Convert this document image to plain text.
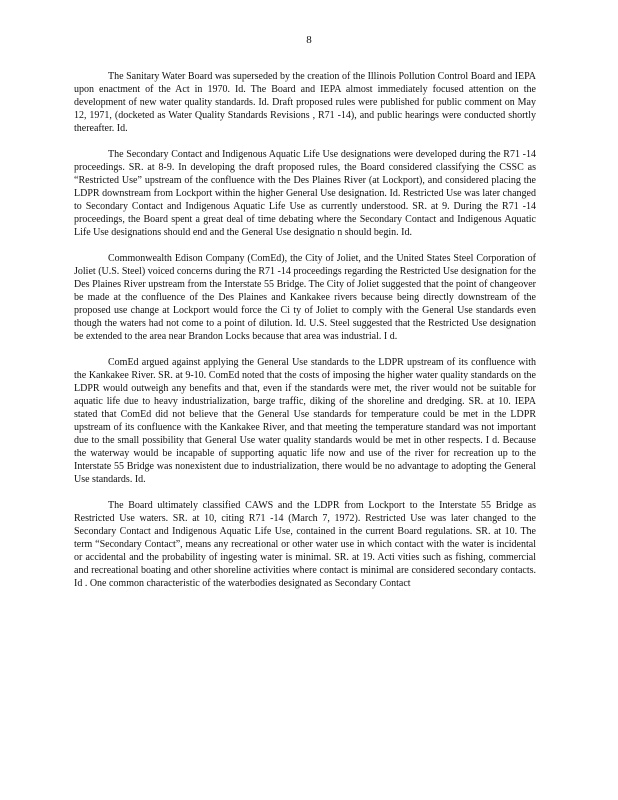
8

The Sanitary Water Board was superseded by the creation of the Illinois Pollution Control Board and IEPA upon enactment of the Act in 1970. Id. The Board and IEPA almost immediately focused attention on the development of new water quality standards. Id. Draft proposed rules were published for public comment on May 12, 1971, (docketed as Water Quality Standards Revisions , R71 -14), and public hearings were conducted shortly thereafter. Id.

The Secondary Contact and Indigenous Aquatic Life Use designations were developed during the R71 -14 proceedings. SR. at 8-9. In developing the draft proposed rules, the Board considered classifying the CSSC as “Restricted Use” upstream of the confluence with the Des Plaines River (at Lockport), and considered placing the LDPR downstream from Lockport within the higher General Use designation. Id. Restricted Use was later changed to Secondary Contact and Indigenous Aquatic Life Use as currently understood. SR. at 9. During the R71 -14 proceedings, the Board spent a great deal of time debating where the Secondary Contact and Indigenous Aquatic Life Use designations should end and the General Use designatio n should begin. Id.

Commonwealth Edison Company (ComEd), the City of Joliet, and the United States Steel Corporation of Joliet (U.S. Steel) voiced concerns during the R71 -14 proceedings regarding the Restricted Use designation for the Des Plaines River upstream from the Interstate 55 Bridge. The City of Joliet suggested that the point of changeover be made at the confluence of the Des Plaines and Kankakee rivers because being directly downstream of the proposed use change at Lockport would force the Ci ty of Joliet to comply with the General Use standards even though the waters had not come to a point of dilution. Id. U.S. Steel suggested that the Restricted Use designation be extended to the area near Brandon Locks because that area was industrial. I d.

ComEd argued against applying the General Use standards to the LDPR upstream of its confluence with the Kankakee River. SR. at 9-10. ComEd noted that the costs of imposing the higher water quality standards on the LDPR would outweigh any benefits and that, even if the standards were met, the river would not be suitable for aquatic life due to heavy industrialization, barge traffic, diking of the shoreline and dredging. SR. at 10. IEPA stated that ComEd did not believe that the General Use standards for temperature could be met in the LDPR upstream of its confluence with the Kankakee River, and that meeting the temperature standard was not important due to the small possibility that General Use water quality standards would be met in other respects. I d. Because the waterway would be incapable of supporting aquatic life now and use of the river for recreation up to the Interstate 55 Bridge was nonexistent due to industrialization, there would be no advantage to adopting the General Use standards. Id.

The Board ultimately classified CAWS and the LDPR from Lockport to the Interstate 55 Bridge as Restricted Use waters. SR. at 10, citing R71 -14 (March 7, 1972). Restricted Use was later changed to the Secondary Contact and Indigenous Aquatic Life Use, contained in the current Board regulations. SR. at 10. The term “Secondary Contact”, means any recreational or other water use in which contact with the water is incidental or accidental and the probability of ingesting water is minimal. SR. at 19. Acti vities such as fishing, commercial and recreational boating and other shoreline activities where contact is minimal are considered secondary contacts. Id . One common characteristic of the waterbodies designated as Secondary Contact
